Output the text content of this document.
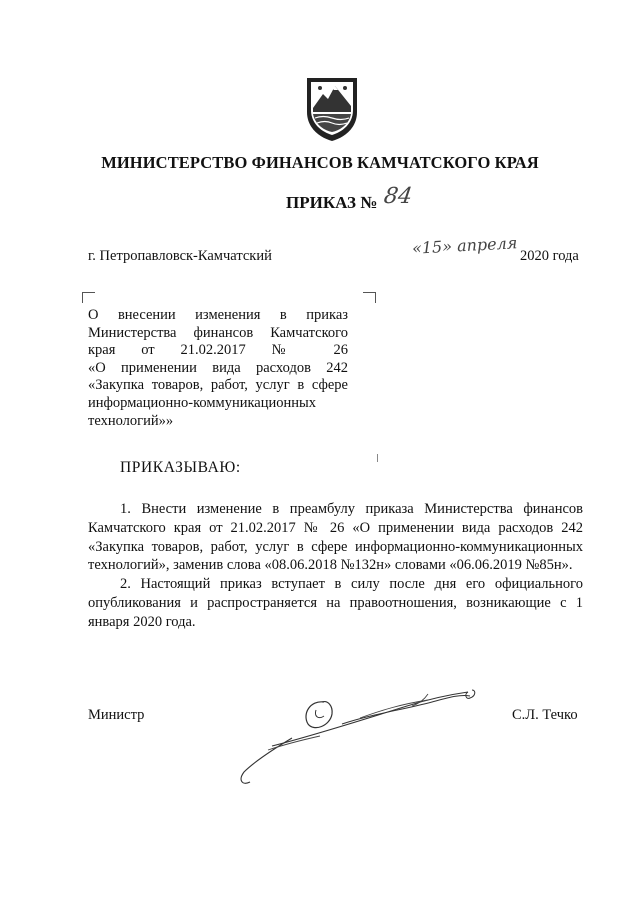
МИНИСТЕРСТВО ФИНАНСОВ КАМЧАТСКОГО КРАЯ
ПРИКАЗ № 84
г. Петропавловск-Камчатский	«15» апреля 2020 года
О внесении изменения в приказ
Министерства финансов Камчатского
края от 21.02.2017 № 26
«О применении вида расходов 242
«Закупка товаров, работ, услуг в сфере
информационно-коммуникационных
технологий»»
ПРИКАЗЫВАЮ:

1. Внести изменение в преамбулу приказа Министерства финансов Камчатского края от 21.02.2017 № 26 «О применении вида расходов 242 «Закупка товаров, работ, услуг в сфере информационно-коммуникационных технологий», заменив слова «08.06.2018 №132н» словами «06.06.2019 №85н».

2. Настоящий приказ вступает в силу после дня его официального опубликования и распространяется на правоотношения, возникающие с 1 января 2020 года.

Министр	С.Л. Течко
